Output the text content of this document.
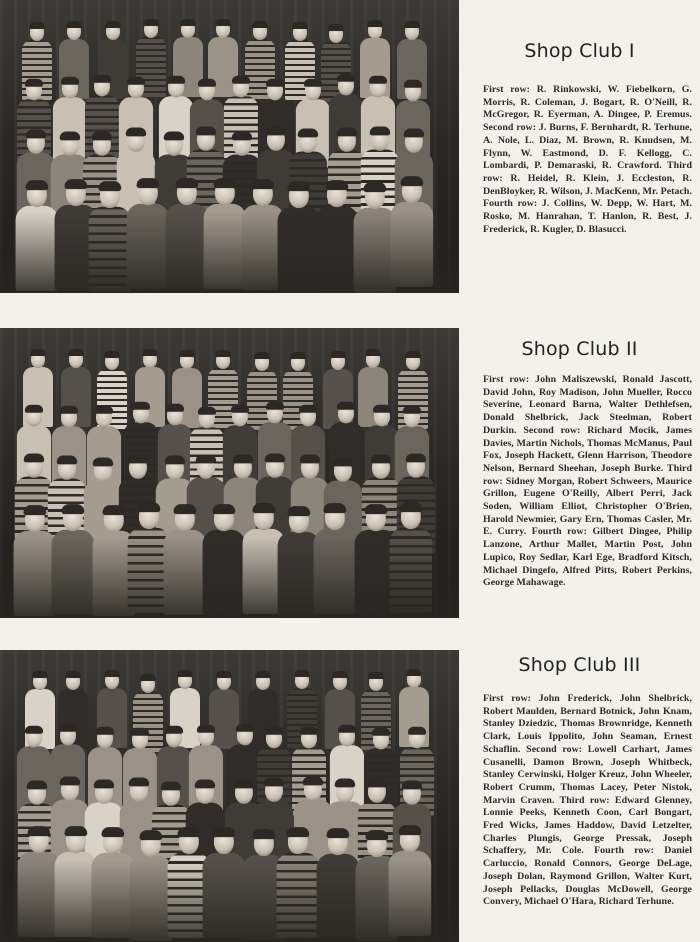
Shop Club I

First row: R. Rinkowski, W. Fiebelkorn, G. Morris, R. Coleman, J. Bogart, R. O'Neill, R. McGregor, R. Eyerman, A. Dingee, P. Eremus. Second row: J. Burns, F. Bernhardt, R. Terhune, A. Nole, L. Diaz, M. Brown, R. Knudsen, M. Flynn, W. Eastmond, D. F. Kellogg, C. Lombardi, P. Demaraski, R. Crawford. Third row: R. Heidel, R. Klein, J. Eccleston, R. DenBloyker, R. Wilson, J. MacKenn, Mr. Petach. Fourth row: J. Collins, W. Depp, W. Hart, M. Rosko, M. Hanrahan, T. Hanlon, R. Best, J. Frederick, R. Kugler, D. Blasucci.

Shop Club II

First row: John Maliszewski, Ronald Jascott, David John, Roy Madison, John Mueller, Rocco Severine, Leonard Barna, Walter Dethlefsen, Donald Shelbrick, Jack Steelman, Robert Durkin. Second row: Richard Mocik, James Davies, Martin Nichols, Thomas McManus, Paul Fox, Joseph Hackett, Glenn Harrison, Theodore Nelson, Bernard Sheehan, Joseph Burke. Third row: Sidney Morgan, Robert Schweers, Maurice Grillon, Eugene O'Reilly, Albert Perri, Jack Soden, William Elliot, Christopher O'Brien, Harold Newmier, Gary Ern, Thomas Casler, Mr. E. Curry. Fourth row: Gilbert Dingee, Philip Lanzone, Arthur Mallet, Martin Post, John Lupico, Roy Sedlar, Karl Ege, Bradford Kitsch, Michael Dingefo, Alfred Pitts, Robert Perkins, George Mahawage.

Shop Club III

First row: John Frederick, John Shelbrick, Robert Maulden, Bernard Botnick, John Knam, Stanley Dziedzic, Thomas Brownridge, Kenneth Clark, Louis Ippolito, John Seaman, Ernest Schaflin. Second row: Lowell Carhart, James Cusanelli, Damon Brown, Joseph Whitbeck, Stanley Cerwinski, Holger Kreuz, John Wheeler, Robert Crumm, Thomas Lacey, Peter Nistok, Marvin Craven. Third row: Edward Glenney, Lonnie Peeks, Kenneth Coon, Carl Bongart, Fred Wicks, James Haddow, David Letzelter, Charles Plungis, George Pressak, Joseph Schaffery, Mr. Cole. Fourth row: Daniel Carluccio, Ronald Connors, George DeLage, Joseph Dolan, Raymond Grillon, Walter Kurt, Joseph Pellacks, Douglas McDowell, George Convery, Michael O'Hara, Richard Terhune.
